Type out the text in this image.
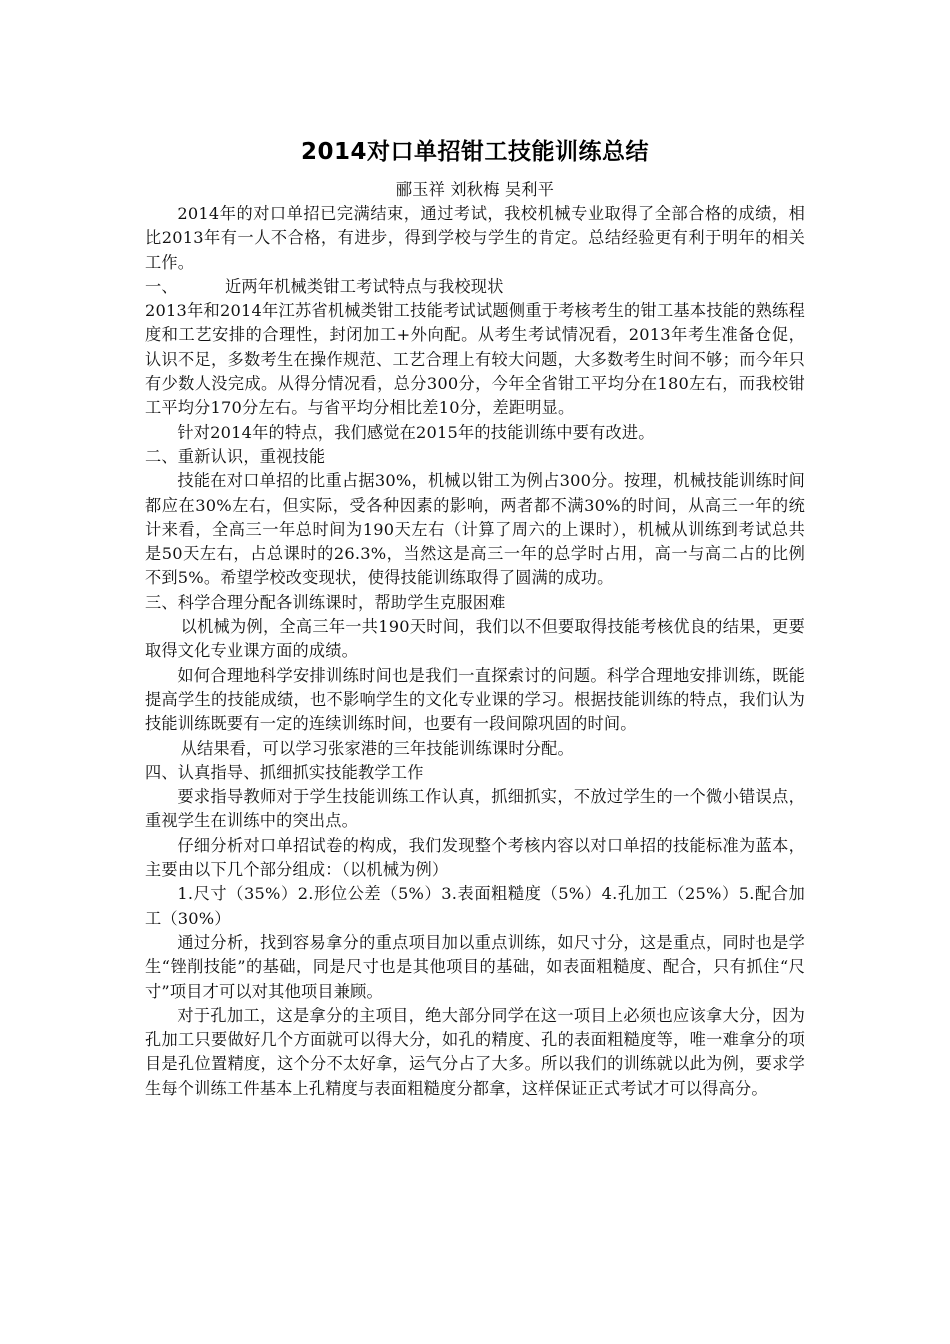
2014对口单招钳工技能训练总结

郦玉祥 刘秋梅 吴利平

2014年的对口单招已完满结束，通过考试，我校机械专业取得了全部合格的成绩，相比2013年有一人不合格，有进步，得到学校与学生的肯定。总结经验更有利于明年的相关工作。

一、	近两年机械类钳工考试特点与我校现状

2013年和2014年江苏省机械类钳工技能考试试题侧重于考核考生的钳工基本技能的熟练程度和工艺安排的合理性，封闭加工+外向配。从考生考试情况看，2013年考生准备仓促，认识不足，多数考生在操作规范、工艺合理上有较大问题，大多数考生时间不够；而今年只有少数人没完成。从得分情况看，总分300分，今年全省钳工平均分在180左右，而我校钳工平均分170分左右。与省平均分相比差10分，差距明显。

针对2014年的特点，我们感觉在2015年的技能训练中要有改进。

二、重新认识，重视技能

技能在对口单招的比重占据30%，机械以钳工为例占300分。按理，机械技能训练时间都应在30%左右，但实际，受各种因素的影响，两者都不满30%的时间，从高三一年的统计来看，全高三一年总时间为190天左右（计算了周六的上课时），机械从训练到考试总共是50天左右，占总课时的26.3%，当然这是高三一年的总学时占用，高一与高二占的比例不到5%。希望学校改变现状，使得技能训练取得了圆满的成功。

三、科学合理分配各训练课时，帮助学生克服困难

以机械为例，全高三年一共190天时间，我们以不但要取得技能考核优良的结果，更要取得文化专业课方面的成绩。

如何合理地科学安排训练时间也是我们一直探索讨的问题。科学合理地安排训练，既能提高学生的技能成绩，也不影响学生的文化专业课的学习。根据技能训练的特点，我们认为技能训练既要有一定的连续训练时间，也要有一段间隙巩固的时间。

从结果看，可以学习张家港的三年技能训练课时分配。

四、认真指导、抓细抓实技能教学工作

要求指导教师对于学生技能训练工作认真，抓细抓实，不放过学生的一个微小错误点，重视学生在训练中的突出点。

仔细分析对口单招试卷的构成，我们发现整个考核内容以对口单招的技能标准为蓝本，主要由以下几个部分组成：（以机械为例）

1.尺寸（35%）2.形位公差（5%）3.表面粗糙度（5%）4.孔加工（25%）5.配合加工（30%）

通过分析，找到容易拿分的重点项目加以重点训练，如尺寸分，这是重点，同时也是学生“锉削技能”的基础，同是尺寸也是其他项目的基础，如表面粗糙度、配合，只有抓住“尺寸”项目才可以对其他项目兼顾。

对于孔加工，这是拿分的主项目，绝大部分同学在这一项目上必须也应该拿大分，因为孔加工只要做好几个方面就可以得大分，如孔的精度、孔的表面粗糙度等，唯一难拿分的项目是孔位置精度，这个分不太好拿，运气分占了大多。所以我们的训练就以此为例，要求学生每个训练工件基本上孔精度与表面粗糙度分都拿，这样保证正式考试才可以得高分。
